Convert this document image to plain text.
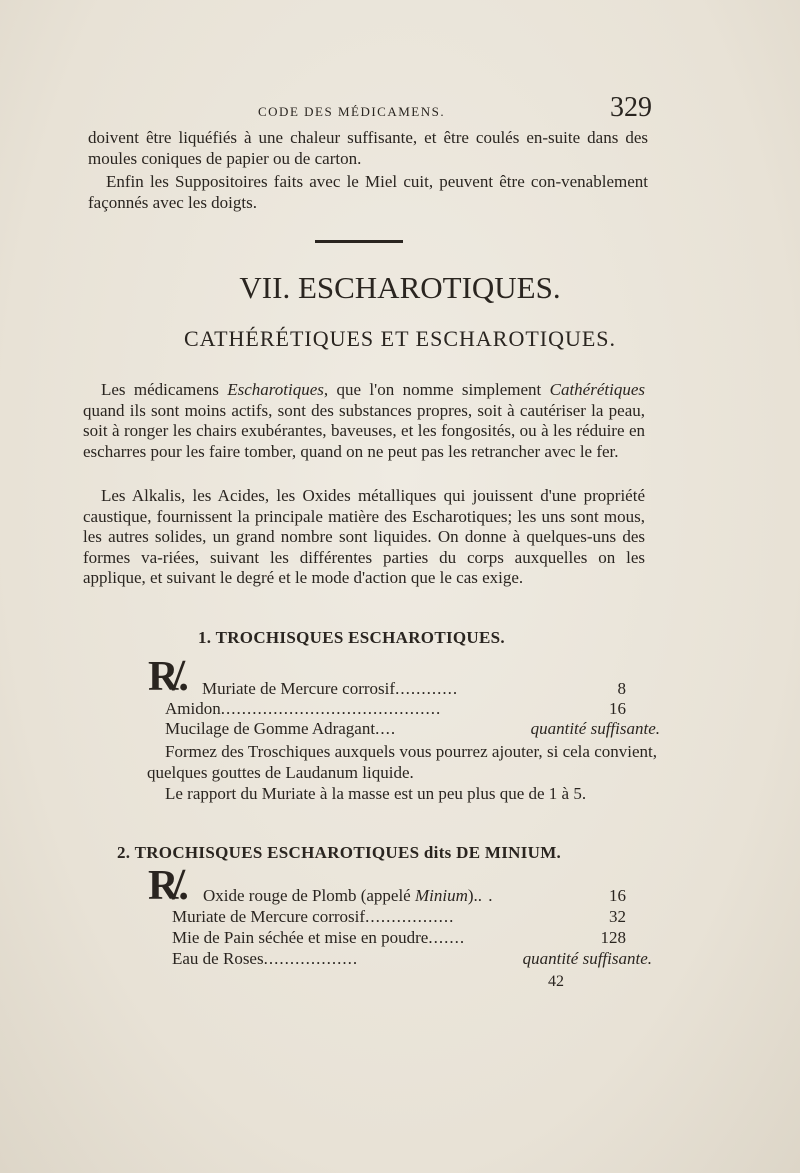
CODE DES MÉDICAMENS.	329
doivent être liquéfiés à une chaleur suffisante, et être coulés en-suite dans des moules coniques de papier ou de carton.
Enfin les Suppositoires faits avec le Miel cuit, peuvent être con-venablement façonnés avec les doigts.
VII. ESCHAROTIQUES.
CATHÉRÉTIQUES ET ESCHAROTIQUES.
Les médicamens Escharotiques, que l'on nomme simplement Cathérétiques quand ils sont moins actifs, sont des substances propres, soit à cautériser la peau, soit à ronger les chairs exubérantes, baveuses, et les fongosités, ou à les réduire en escharres pour les faire tomber, quand on ne peut pas les retrancher avec le fer.
Les Alkalis, les Acides, les Oxides métalliques qui jouissent d'une propriété caustique, fournissent la principale matière des Escharotiques; les uns sont mous, les autres solides, un grand nombre sont liquides. On donne à quelques-uns des formes va-riées, suivant les différentes parties du corps auxquelles on les applique, et suivant le degré et le mode d'action que le cas exige.
1. TROCHISQUES ESCHAROTIQUES.
R̸. Muriate de Mercure corrosif............	8
Amidon..........................................	16
Mucilage de Gomme Adragant....	quantité suffisante.
Formez des Troschiques auxquels vous pourrez ajouter, si cela convient, quelques gouttes de Laudanum liquide.
Le rapport du Muriate à la masse est un peu plus que de 1 à 5.
2. TROCHISQUES ESCHAROTIQUES dits DE MINIUM.
R̸. Oxide rouge de Plomb (appelé Minium).. .	16
Muriate de Mercure corrosif.................	32
Mie de Pain séchée et mise en poudre.......	128
Eau de Roses..................	quantité suffisante.
42
